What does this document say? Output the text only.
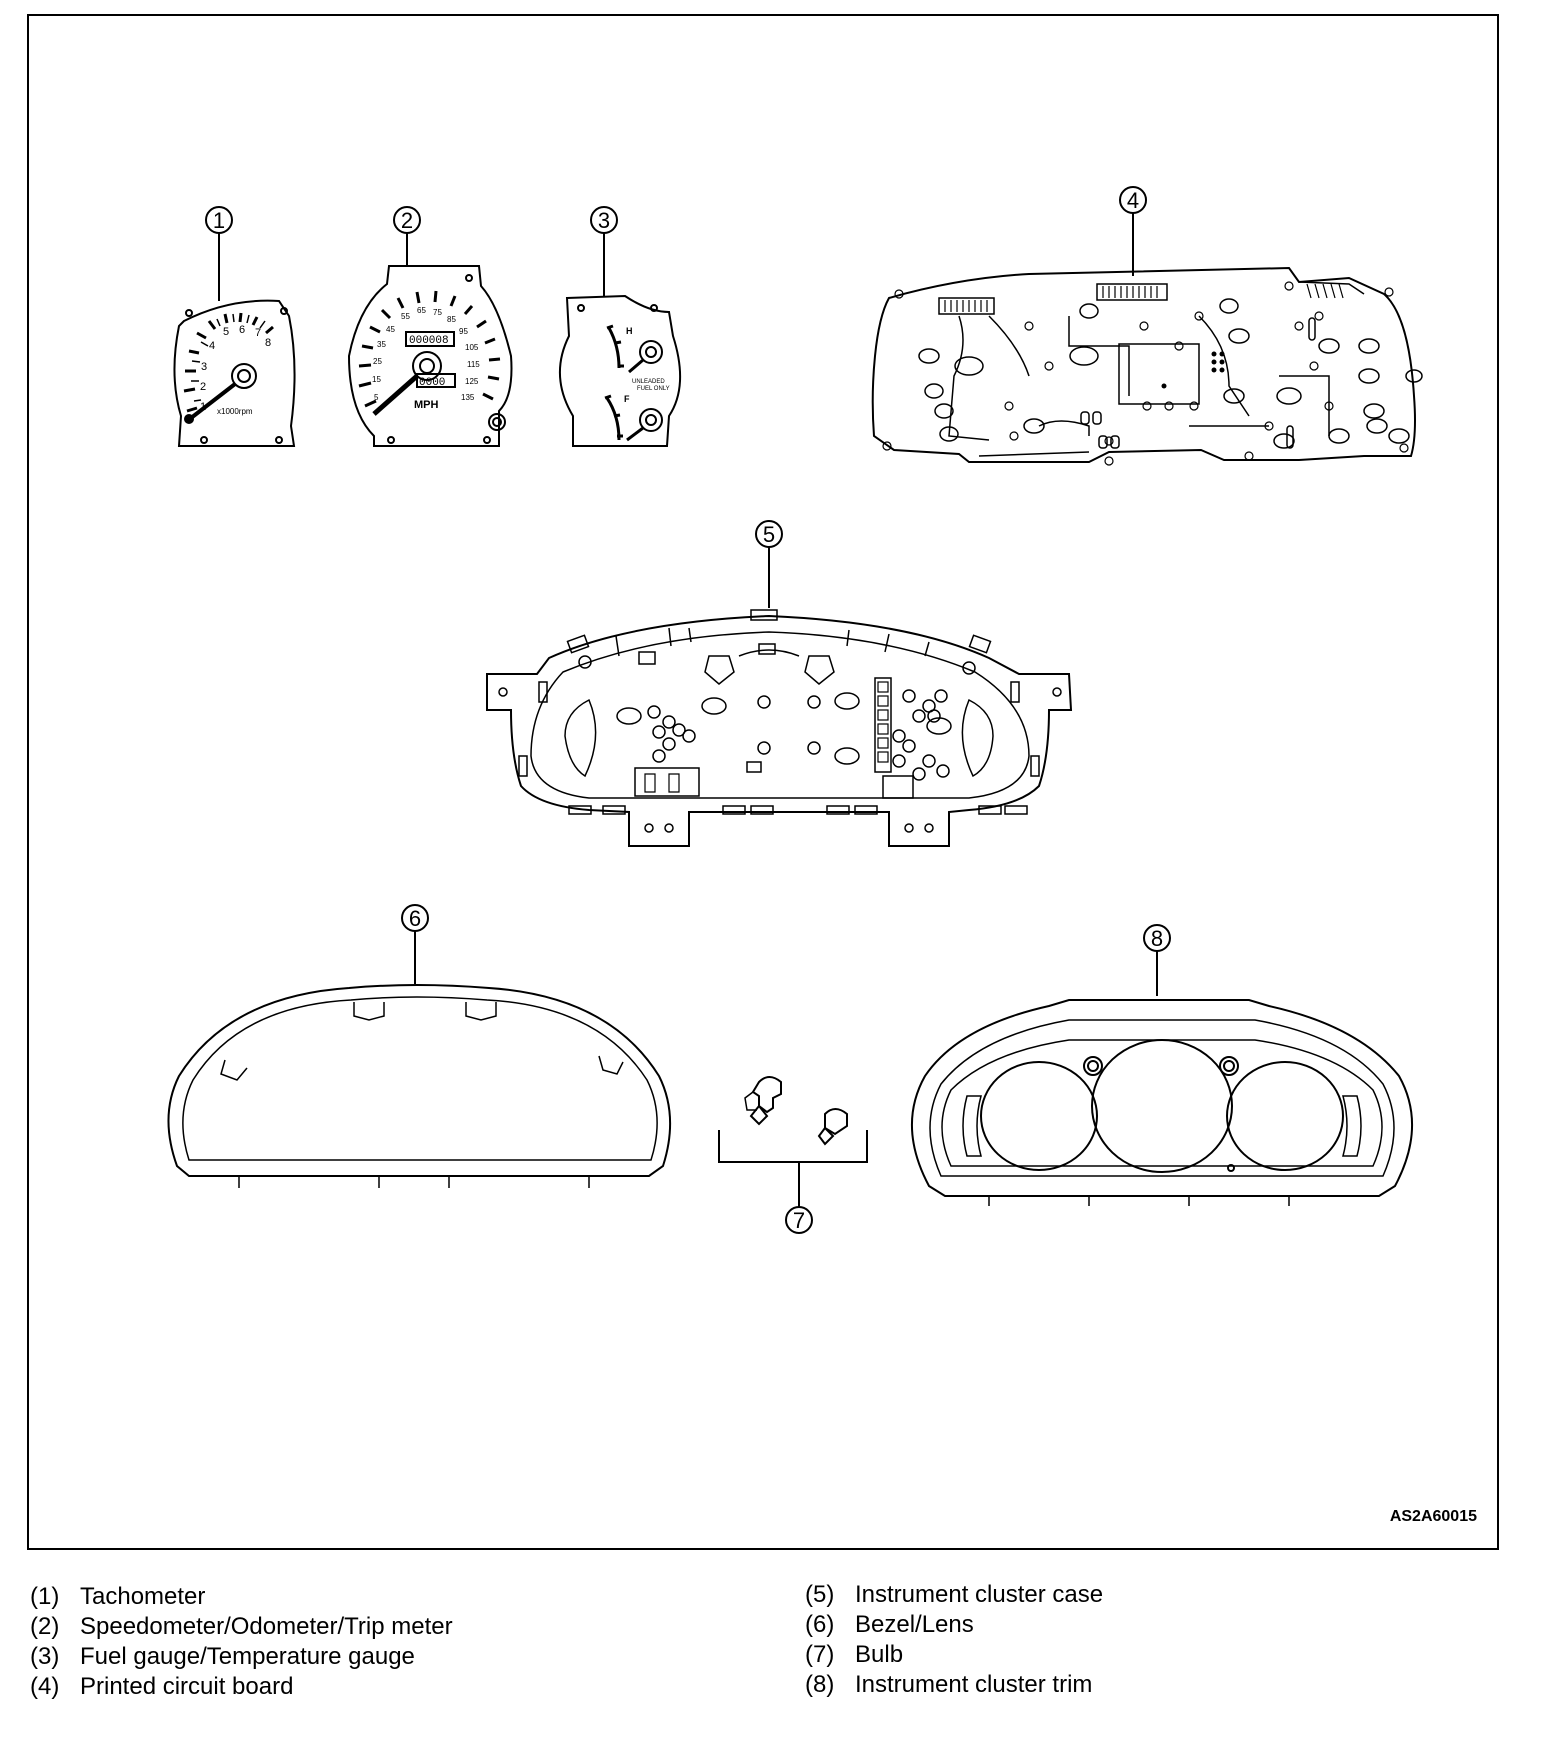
1	2	3
4
5
6
7
8
1
2
3
4
5 6 7
8
x1000rpm
5
15
25
35
45
55
65 75
85
95
105
115
125
135
000008
0000
MPH
H
UNLEADED
FUEL ONLY
F
AS2A60015
(1) Tachometer
(2) Speedometer/Odometer/Trip meter
(3) Fuel gauge/Temperature gauge
(4) Printed circuit board
(5) Instrument cluster case
(6) Bezel/Lens
(7) Bulb
(8) Instrument cluster trim
